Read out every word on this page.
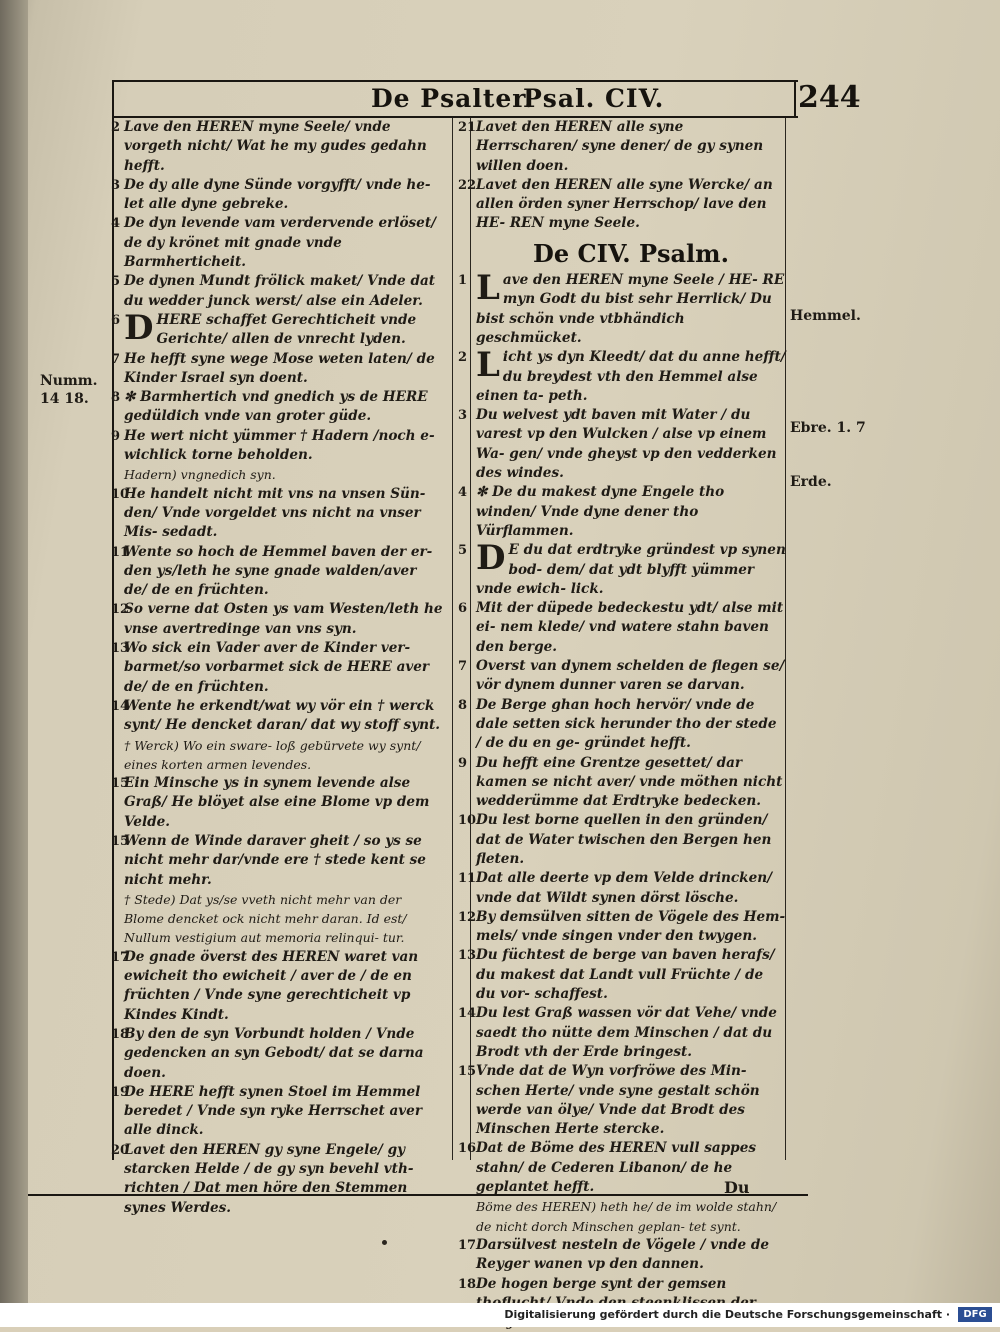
De Psalter.
Psal. CIV.	244
Numm. 14 18.
Hemmel.
Ebre. 1. 7
Erde.
2 Lave den HEREN myne Seele/ vnde vorgeth nicht/ Wat he my gudes gedahn hefft.
3 De dy alle dyne Sünde vorgyfft/ vnde he- let alle dyne gebreke.
4 De dyn levende vam verdervende erlöset/ de dy krönet mit gnade vnde Barmherticheit.
5 De dynen Mundt frölick maket/ Vnde dat du wedder junck werst/ alse ein Adeler.
6 D HERE schaffet Gerechticheit vnde Gerichte/ allen de vnrecht lyden.
7 He hefft syne wege Mose weten laten/ de Kinder Israel syn doent.
8 ✻ Barmhertich vnd gnedich ys de HERE gedüldich vnde van groter güde.
9 He wert nicht yümmer † Hadern /noch e- wichlick torne beholden.
Hadern) vngnedich syn.
10
He handelt nicht mit vns na vnsen Sün- den/ Vnde vorgeldet vns nicht na vnser Mis- sedadt.
11
Wente so hoch de Hemmel baven der er- den ys/leth he syne gnade walden/aver de/ de en früchten.
12
So verne dat Osten ys vam Westen/leth he vnse avertredinge van vns syn.
13
Wo sick ein Vader aver de Kinder ver- barmet/so vorbarmet sick de HERE aver de/ de en früchten.
14
Wente he erkendt/wat wy vör ein † werck synt/ He dencket daran/ dat wy stoff synt.
† Werck) Wo ein sware- loß gebürvete wy synt/ eines korten armen levendes.
15
Ein Minsche ys in synem levende alse Graß/ He blöyet alse eine Blome vp dem Velde.
15
Wenn de Winde daraver gheit / so ys se nicht mehr dar/vnde ere † stede kent se nicht mehr.
† Stede) Dat ys/se vveth nicht mehr van der Blome dencket ock nicht mehr daran. Id est/ Nullum vestigium aut memoria relinqui- tur.
17
De gnade överst des HEREN waret van ewicheit tho ewicheit / aver de / de en früchten / Vnde syne gerechticheit vp Kindes Kindt.
18
By den de syn Vorbundt holden / Vnde gedencken an syn Gebodt/ dat se darna doen.
19
De HERE hefft synen Stoel im Hemmel beredet / Vnde syn ryke Herrschet aver alle dinck.
20
Lavet den HEREN gy syne Engele/ gy starcken Helde / de gy syn bevehl vth- richten / Dat men höre den Stemmen synes Werdes.
21 Lavet den HEREN alle syne Herrscharen/ syne dener/ de gy synen willen doen.
22 Lavet den HEREN alle syne Wercke/ an allen örden syner Herrschop/ lave den HE- REN myne Seele.
De CIV. Psalm.
1 L ave den HEREN myne Seele / HE- RE myn Godt du bist sehr Herrlick/ Du bist schön vnde vtbhändich geschmücket.
2 L icht ys dyn Kleedt/ dat du anne hefft/ du breydest vth den Hemmel alse einen ta- peth.
3 Du welvest ydt baven mit Water / du varest vp den Wulcken / alse vp einem Wa- gen/ vnde gheyst vp den vedderken des windes.
4 ✻ De du makest dyne Engele tho winden/ Vnde dyne dener tho Vürflammen.
5 D E du dat erdtryke gründest vp synen bod- dem/ dat ydt blyfft yümmer vnde ewich- lick.
6 Mit der düpede bedeckestu ydt/ alse mit ei- nem klede/ vnd watere stahn baven den berge.
7 Overst van dynem schelden de flegen se/ vör dynem dunner varen se darvan.
8 De Berge ghan hoch hervör/ vnde de dale setten sick herunder tho der stede / de du en ge- gründet hefft.
9 Du hefft eine Grentze gesettet/ dar kamen se nicht aver/ vnde möthen nicht wedderümme dat Erdtryke bedecken.
10 Du lest borne quellen in den gründen/ dat de Water twischen den Bergen hen fleten.
11 Dat alle deerte vp dem Velde drincken/ vnde dat Wildt synen dörst lösche.
12 By demsülven sitten de Vögele des Hem- mels/ vnde singen vnder den twygen.
13 Du füchtest de berge van baven herafs/ du makest dat Landt vull Früchte / de du vor- schaffest.
14 Du lest Graß wassen vör dat Vehe/ vnde saedt tho nütte dem Minschen / dat du Brodt vth der Erde bringest.
15 Vnde dat de Wyn vorfröwe des Min- schen Herte/ vnde syne gestalt schön werde van ölye/ Vnde dat Brodt des Minschen Herte stercke.
16 Dat de Böme des HEREN vull sappes stahn/ de Cederen Libanon/ de he geplantet hefft.
Böme des HEREN) heth he/ de im wolde stahn/ de nicht dorch Minschen geplan- tet synt.
17 Darsülvest nesteln de Vögele / vnde de Reyger wanen vp den dannen.
18 De hogen berge synt der gemsen
Du
Digitalisierung gefördert durch die Deutsche Forschungsgemeinschaft ·	DFG
